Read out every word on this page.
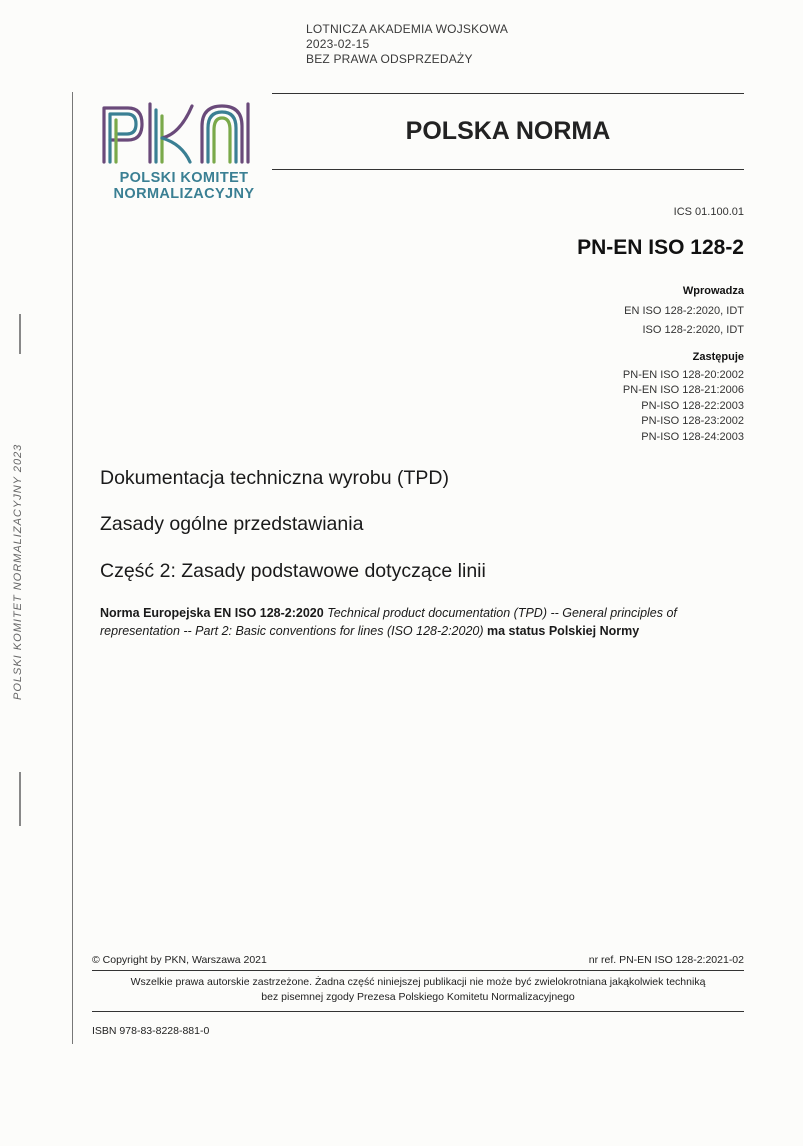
LOTNICZA AKADEMIA WOJSKOWA
2023-02-15
BEZ PRAWA ODSPRZEDAŻY
POLSKI KOMITET
NORMALIZACYJNY
POLSKA NORMA
ICS 01.100.01
PN-EN ISO 128-2
Wprowadza
EN ISO 128-2:2020, IDT
ISO 128-2:2020, IDT
Zastępuje
PN-EN ISO 128-20:2002
PN-EN ISO 128-21:2006
PN-ISO 128-22:2003
PN-ISO 128-23:2002
PN-ISO 128-24:2003
Dokumentacja techniczna wyrobu (TPD)
Zasady ogólne przedstawiania
Część 2: Zasady podstawowe dotyczące linii
Norma Europejska EN ISO 128-2:2020 Technical product documentation (TPD) -- General principles of representation -- Part 2: Basic conventions for lines (ISO 128-2:2020) ma status Polskiej Normy
POLSKI KOMITET NORMALIZACYJNY 2023
© Copyright by PKN, Warszawa 2021	nr ref. PN-EN ISO 128-2:2021-02
Wszelkie prawa autorskie zastrzeżone. Żadna część niniejszej publikacji nie może być zwielokrotniana jakąkolwiek techniką
bez pisemnej zgody Prezesa Polskiego Komitetu Normalizacyjnego
ISBN 978-83-8228-881-0
